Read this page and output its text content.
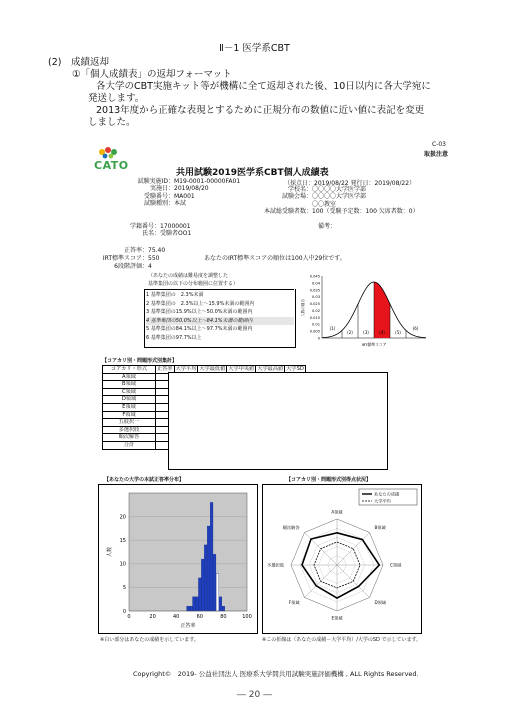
Ⅱ－1 医学系CBT
(2)　成績返却
①「個人成績表」の返却フォーマット
各大学のCBT実施キット等が機構に全て返却された後、10日以内に各大学宛に
発送します。
2013年度から正確な表現とするために正規分布の数値に近い値に表記を変更
しました。
C-03
取扱注意
CATO
共用試験2019医学系CBT個人成績表
試験実施ID：M19-0001-00000FA01
実施日：2019/08/20
受験番号：MA001
試験種別：本試
（採点日：2019/08/22 発行日：2019/08/22）
学校名：〇〇〇〇大学医学部
試験会場：〇〇〇〇大学医学部
〇〇教室
本試総受験者数：100（受験予定数：100 欠席者数：0）
学籍番号：17000001
氏名：受験者OO1
備考：
正答率：75.40
IRT標準スコア：550	あなたのIRT標準スコアの順位は100人中29位です。
6段階評価：4
（あなたの成績は難易度を調整した
基準集団の以下の分布範囲に位置する）
1 基準集団の　2.3%未満
2 基準集団の　2.3%以上～15.9%未満の範囲内
3 基準集団の15.9%以上～50.0%未満の範囲内
4 基準集団の50.0%以上～84.1%未満の範囲内
5 基準集団の84.1%以上～97.7%未満の範囲内
6 基準集団の97.7%以上
0.045
0.04
0.035
0.03
0.025
0.02
0.015
0.01
0.005
0
人数の割合
(1)
(2)	(3)	(4)	(5)
(6)
IRT標準スコア
【コアカリ別・問題形式別集計】
コアカリ・形式	正答率	大学平均	大学最低値	大学中央値	大学最高値	大学SD
A領域						
B領域						
C領域						
D領域						
E領域						
F領域						
五肢択一						
多選択肢						
順次解答						
合計						
【あなたの大学の本試正答率分布】
0
5
10
15
20
0	20	40	60	80	100
人数
正答率
※白い部分はあなたの成績を示しています。
【コアカリ別・問題形式別得点状況】
A領域
B領域
C領域
D領域
E領域
F領域
多選択肢
順次解答
あなたの成績
大学平均
※この折線は（あなたの成績－大学平均）/大学のSD で示しています。
Copyright©　2019- 公益社団法人 医療系大学間共用試験実施評価機構 , ALL Rights Reserved.
― 20 ―
